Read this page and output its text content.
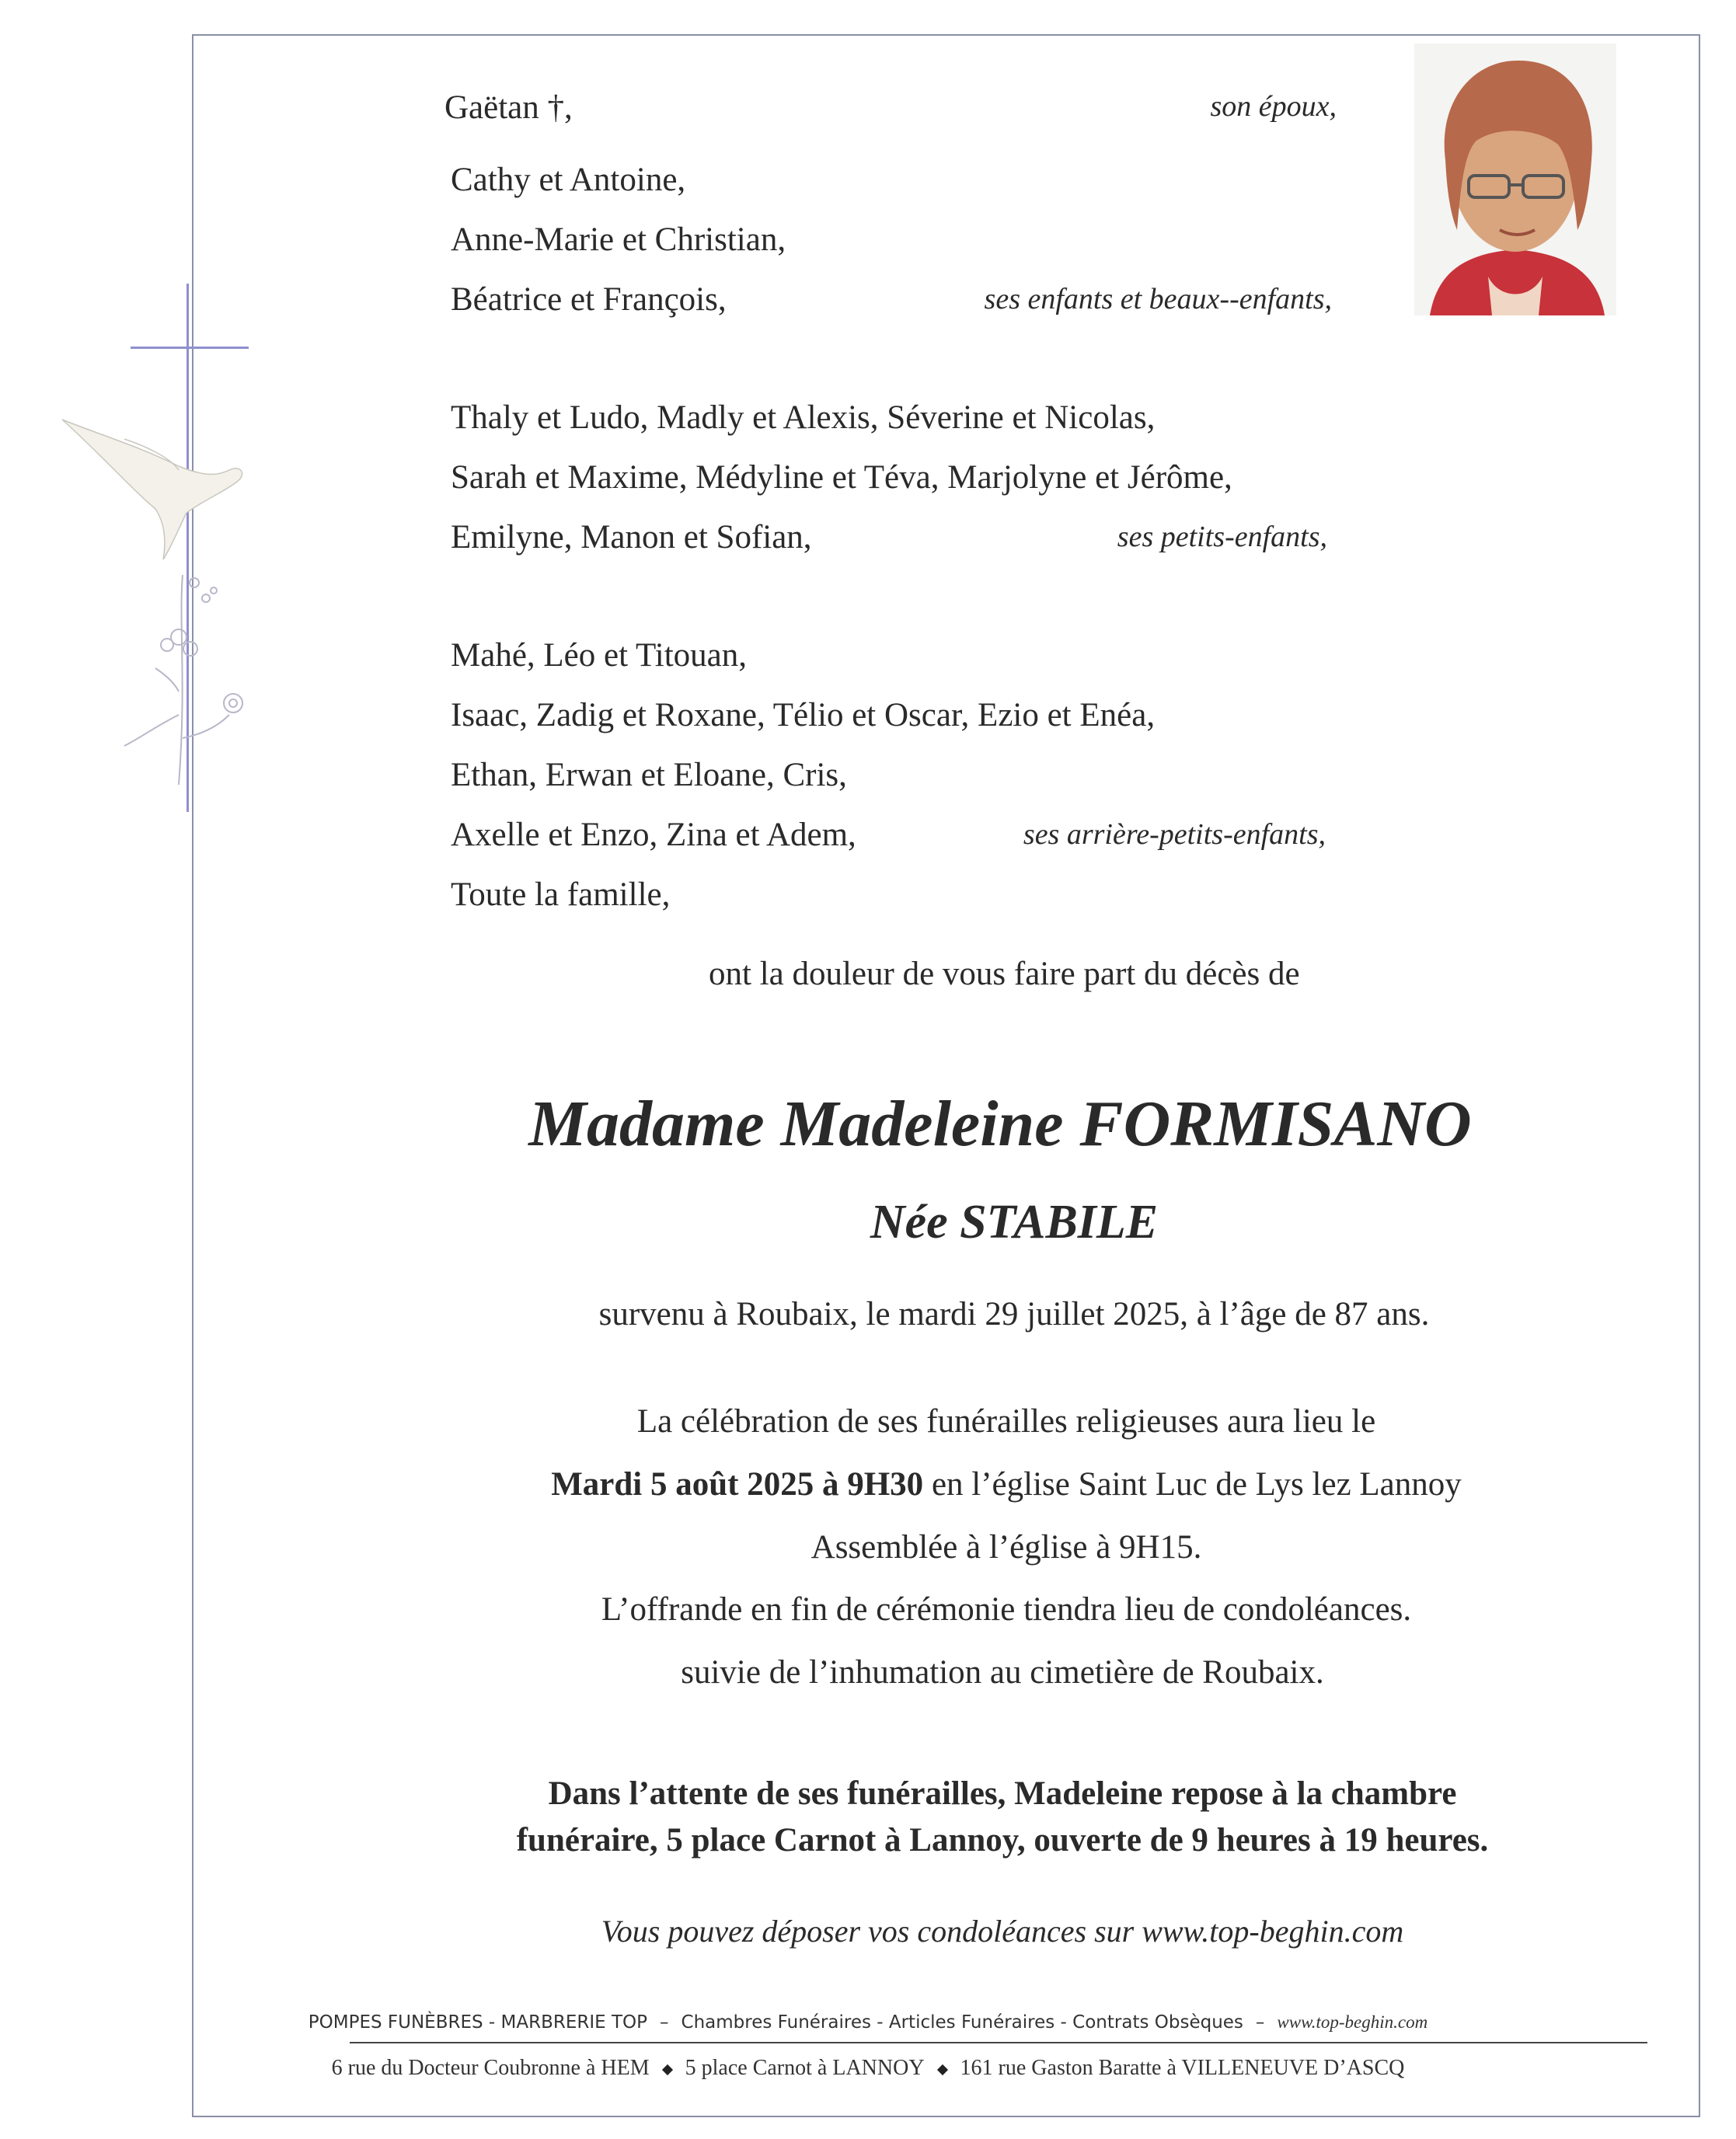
Gaëtan †,	son époux,
Cathy et Antoine,
Anne-Marie et Christian,
Béatrice et François,	ses enfants et beaux--enfants,
Thaly et Ludo, Madly et Alexis, Séverine et Nicolas,
Sarah et Maxime, Médyline et Téva, Marjolyne et Jérôme,
Emilyne, Manon et Sofian,	ses petits-enfants,
Mahé, Léo et Titouan,
Isaac, Zadig et Roxane, Télio et Oscar, Ezio et Enéa,
Ethan, Erwan et Eloane, Cris,
Axelle et Enzo, Zina et Adem,	ses arrière-petits-enfants,
Toute la famille,
ont la douleur de vous faire part du décès de
Madame Madeleine FORMISANO
Née STABILE
survenu à Roubaix, le mardi 29 juillet 2025, à l’âge de 87 ans.
La célébration de ses funérailles religieuses aura lieu le
Mardi 5 août 2025 à 9H30 en l’église Saint Luc de Lys lez Lannoy
Assemblée à l’église à 9H15.
L’offrande en fin de cérémonie tiendra lieu de condoléances.
suivie de l’inhumation au cimetière de Roubaix.
Dans l’attente de ses funérailles, Madeleine repose à la chambre
funéraire, 5 place Carnot à Lannoy, ouverte de 9 heures à 19 heures.
Vous pouvez déposer vos condoléances sur www.top-beghin.com
POMPES FUNÈBRES - MARBRERIE TOP – Chambres Funéraires - Articles Funéraires - Contrats Obsèques – www.top-beghin.com
6 rue du Docteur Coubronne à HEM 5 place Carnot à LANNOY 161 rue Gaston Baratte à VILLENEUVE D’ASCQ
